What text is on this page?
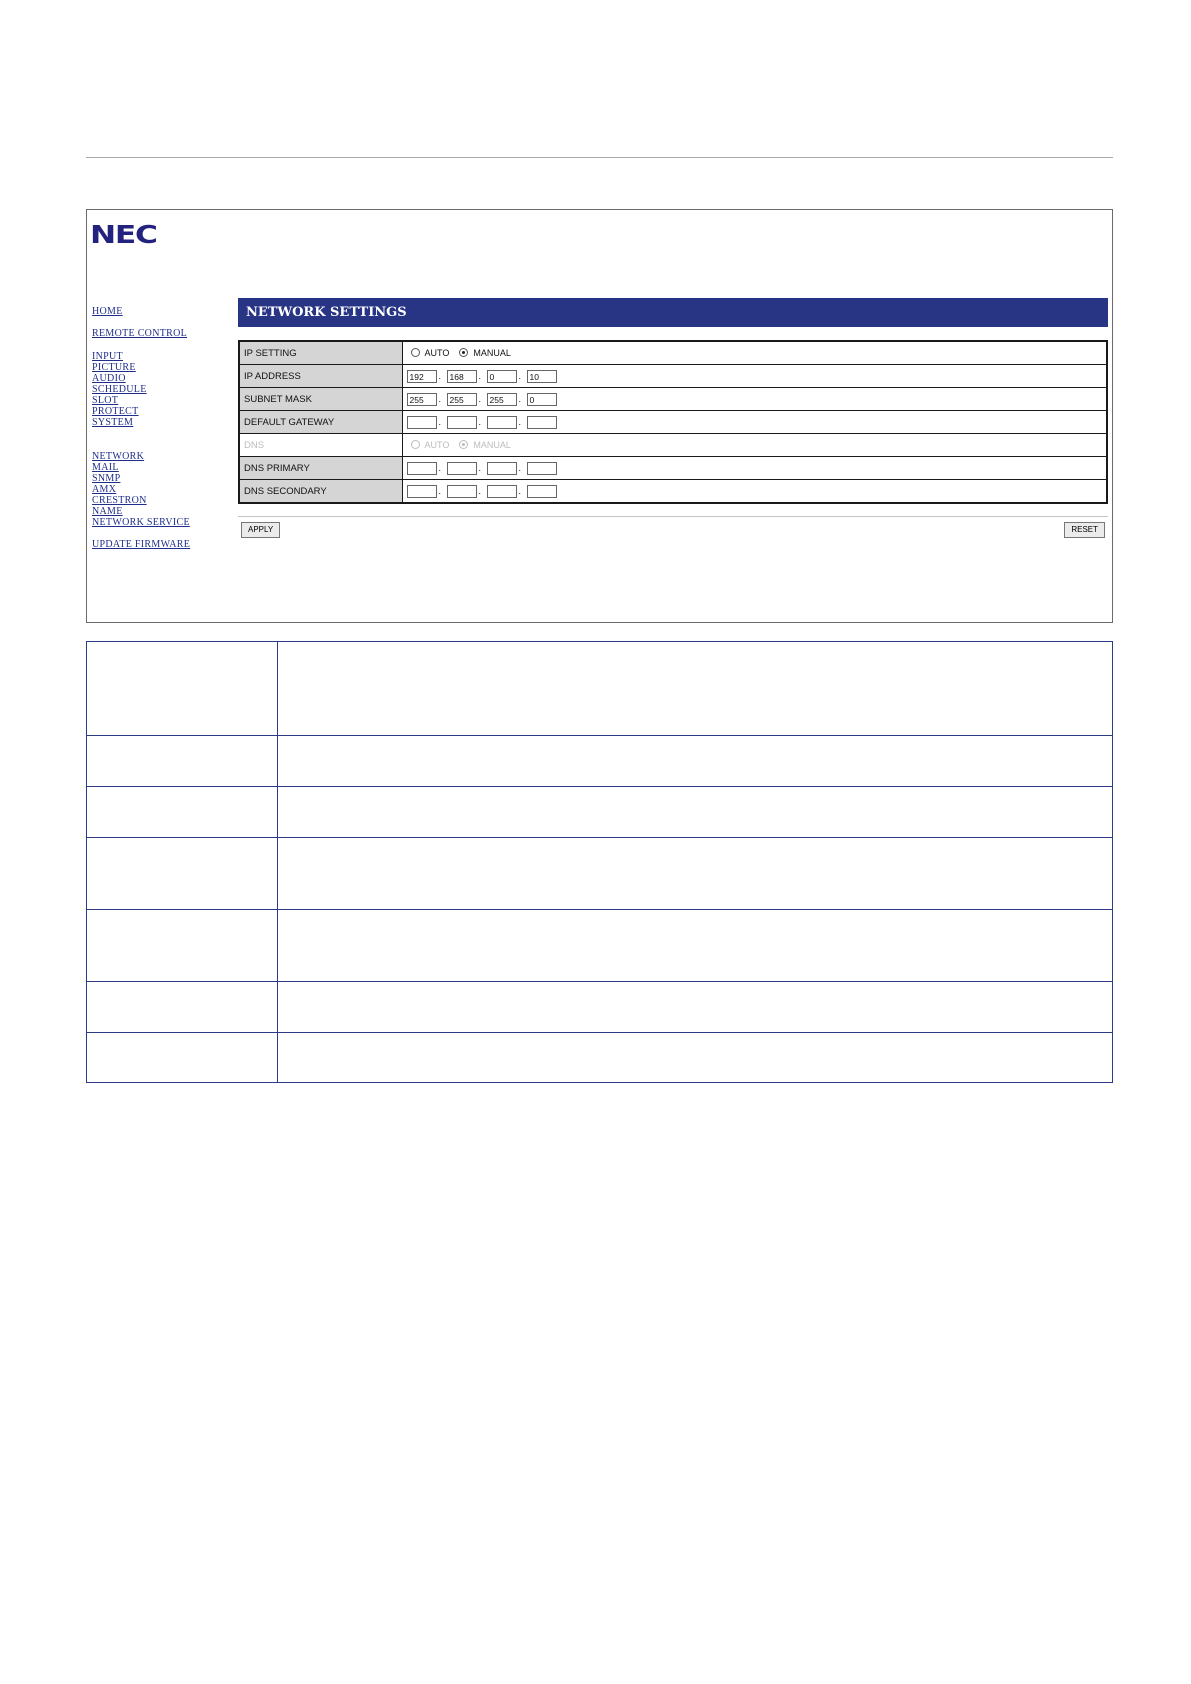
NEC
HOME
REMOTE CONTROL
INPUT
PICTURE
AUDIO
SCHEDULE
SLOT
PROTECT
SYSTEM
NETWORK
MAIL
SNMP
AMX
CRESTRON
NAME
NETWORK SERVICE
UPDATE FIRMWARE
NETWORK SETTINGS
IP SETTING	AUTO MANUAL
IP ADDRESS	192 . 168 . 0 . 10
SUBNET MASK	255 . 255 . 255 . 0
DEFAULT GATEWAY	. . .
DNS	AUTO MANUAL
DNS PRIMARY	. . .
DNS SECONDARY	. . .
APPLY	RESET
